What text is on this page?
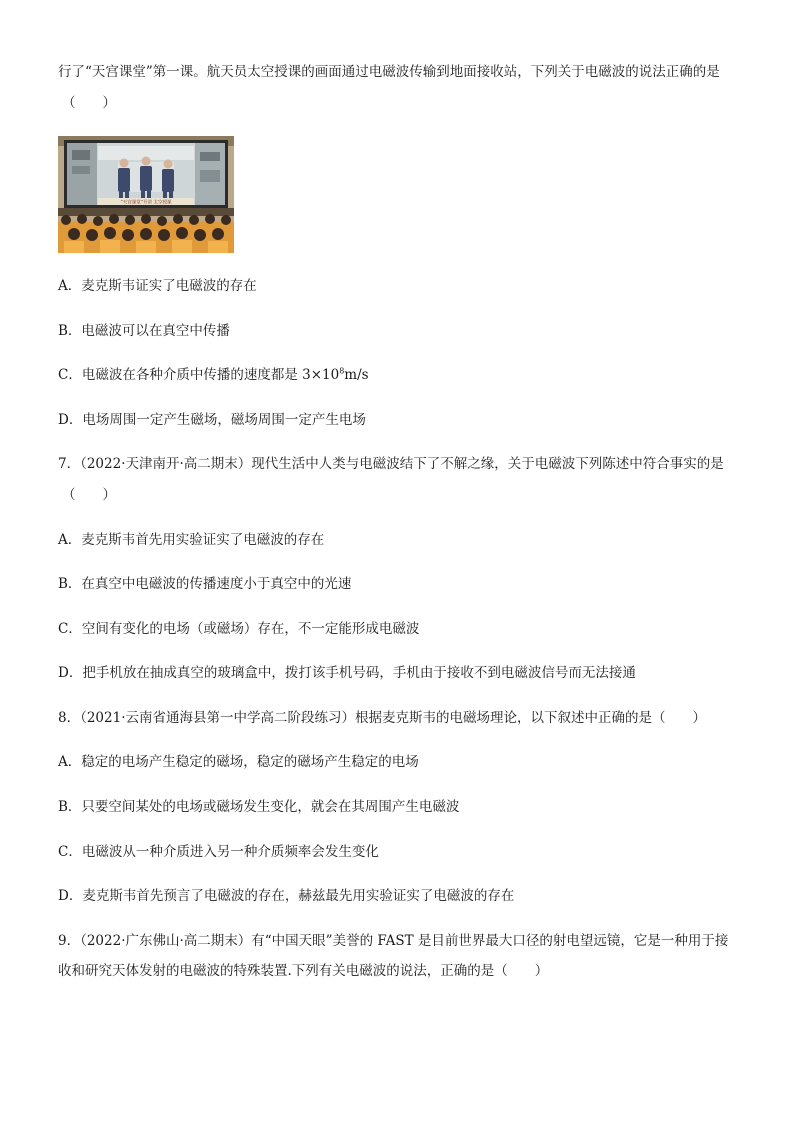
行了“天宫课堂”第一课。航天员太空授课的画面通过电磁波传输到地面接收站，下列关于电磁波的说法正确的是
（　　）
“天宫课堂”开讲 太空授课
A．麦克斯韦证实了电磁波的存在
B．电磁波可以在真空中传播
C．电磁波在各种介质中传播的速度都是 $3\times 10^8m/s$
D．电场周围一定产生磁场，磁场周围一定产生电场
7．（2022·天津南开·高二期末）现代生活中人类与电磁波结下了不解之缘，关于电磁波下列陈述中符合事实的是
（　　）
A．麦克斯韦首先用实验证实了电磁波的存在
B．在真空中电磁波的传播速度小于真空中的光速
C．空间有变化的电场（或磁场）存在，不一定能形成电磁波
D．把手机放在抽成真空的玻璃盒中，拨打该手机号码，手机由于接收不到电磁波信号而无法接通
8．（2021·云南省通海县第一中学高二阶段练习）根据麦克斯韦的电磁场理论，以下叙述中正确的是（　　）
A．稳定的电场产生稳定的磁场，稳定的磁场产生稳定的电场
B．只要空间某处的电场或磁场发生变化，就会在其周围产生电磁波
C．电磁波从一种介质进入另一种介质频率会发生变化
D．麦克斯韦首先预言了电磁波的存在，赫兹最先用实验证实了电磁波的存在
9．（2022·广东佛山·高二期末）有“中国天眼”美誉的 FAST 是目前世界最大口径的射电望远镜，它是一种用于接
收和研究天体发射的电磁波的特殊装置.下列有关电磁波的说法，正确的是（　　）
